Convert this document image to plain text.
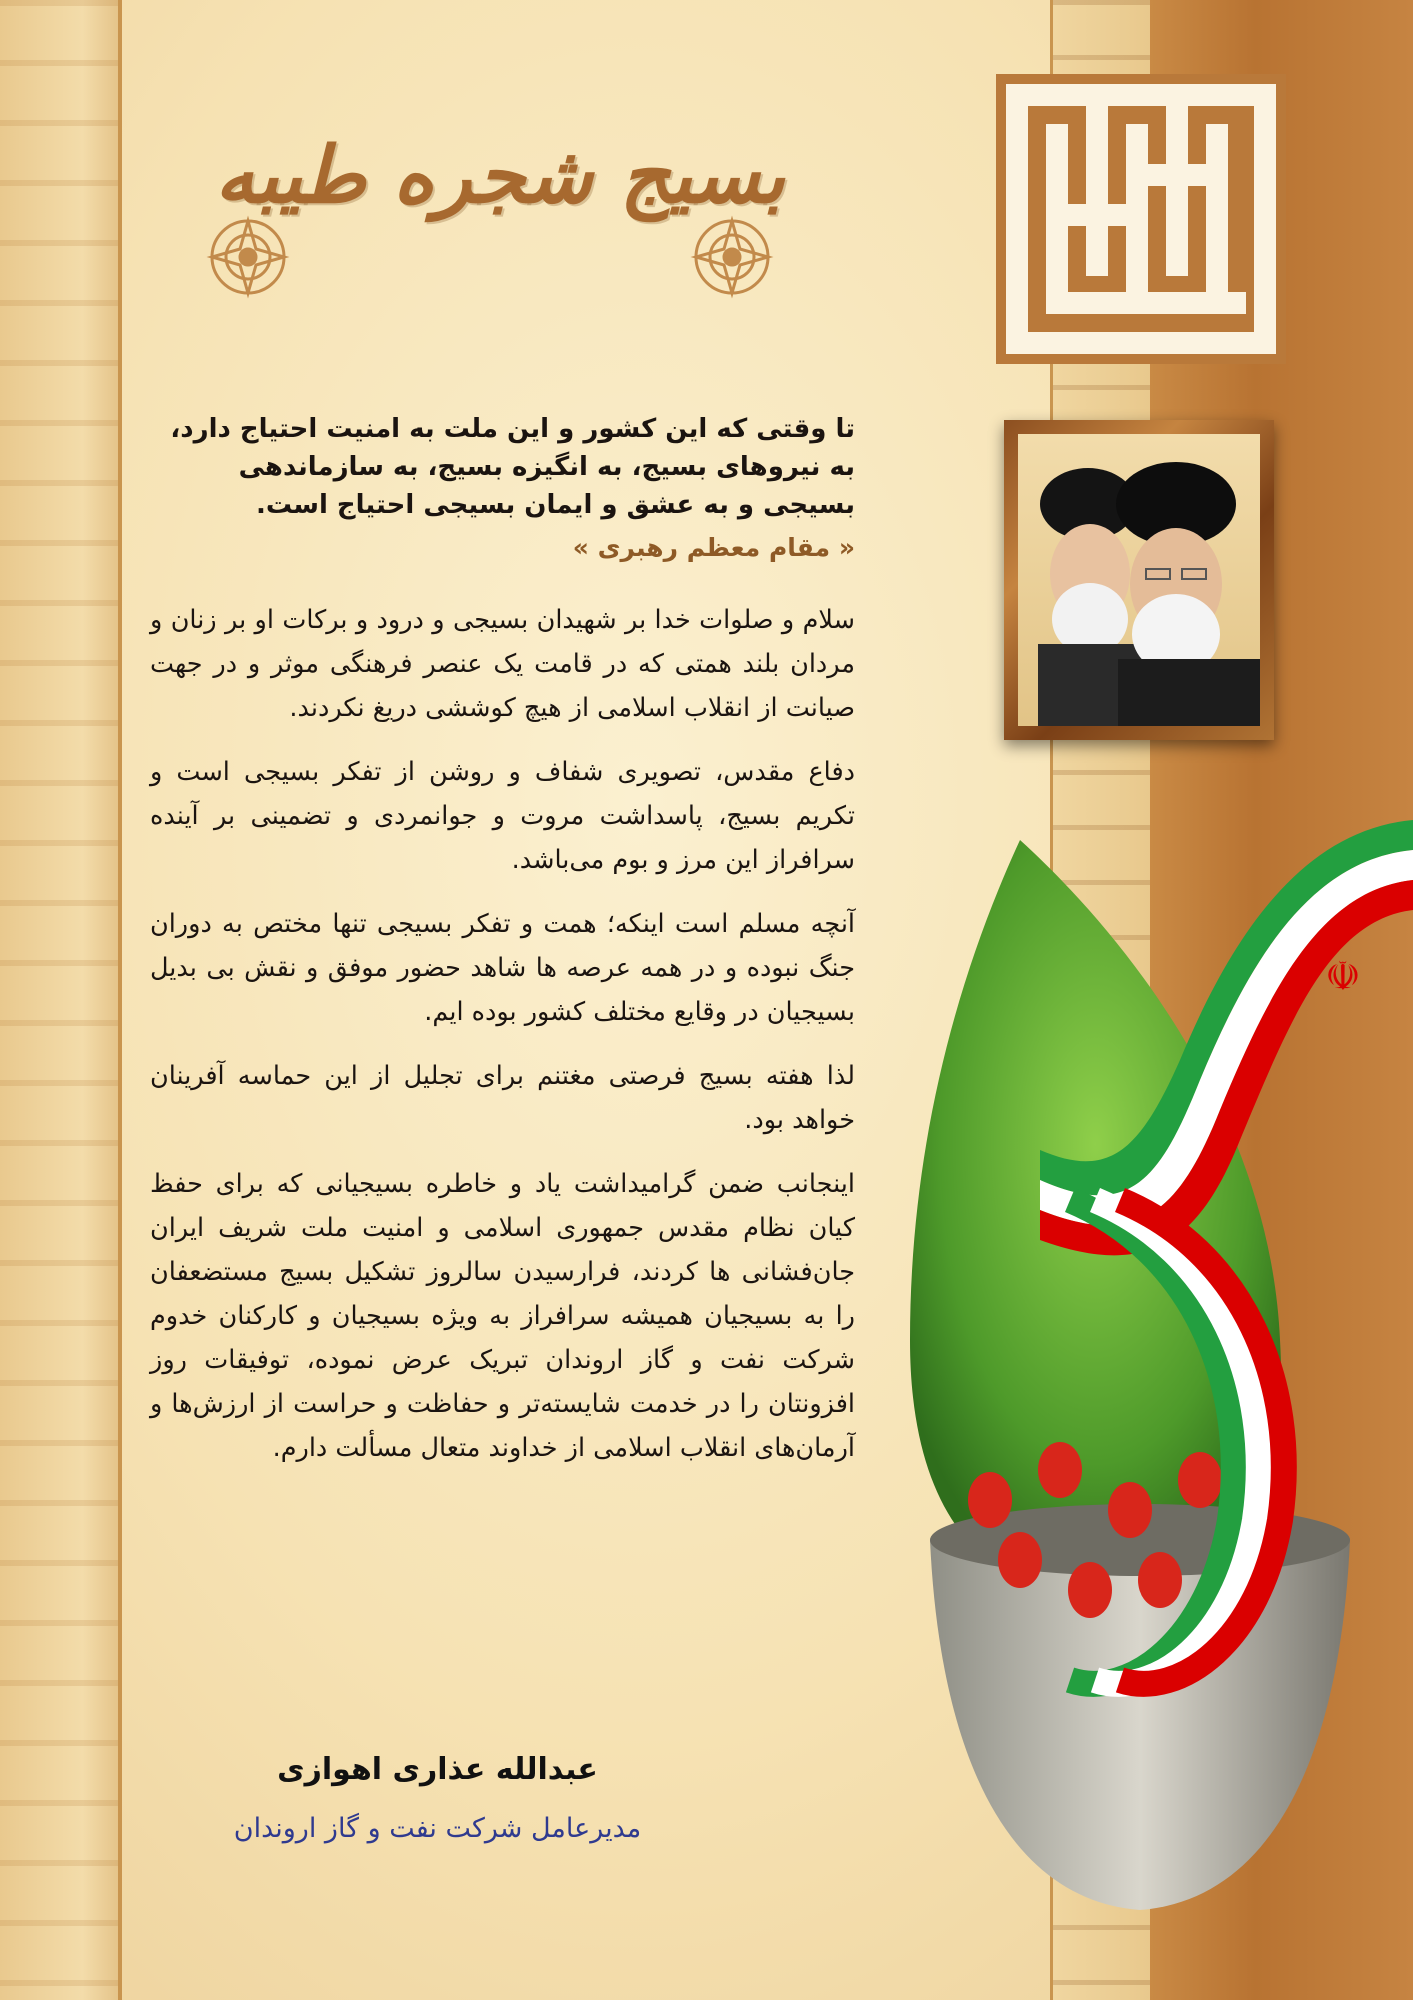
بسیج شجره طیبه
☫

تا وقتی که این کشور و این ملت به امنیت احتیاج دارد، به نیروهای بسیج، به انگیزه بسیج، به سازماندهی بسیجی و به عشق و ایمان بسیجی احتیاج است.

« مقام معظم رهبری »

سلام و صلوات خدا بر شهیدان بسیجی و درود و برکات او بر زنان و مردان بلند همتی که در قامت یک عنصر فرهنگی موثر و در جهت صیانت از انقلاب اسلامی از هیچ کوششی دریغ نکردند.

دفاع مقدس، تصویری شفاف و روشن از تفکر بسیجی است و تکریم بسیج، پاسداشت مروت و جوانمردی و تضمینی بر آینده سرافراز این مرز و بوم می‌باشد.

آنچه مسلم است اینکه؛ همت و تفکر بسیجی تنها مختص به دوران جنگ نبوده و در همه عرصه ها شاهد حضور موفق و نقش بی بدیل بسیجیان در وقایع مختلف کشور بوده ایم.

لذا هفته بسیج فرصتی مغتنم برای تجلیل از این حماسه آفرینان خواهد بود.

اینجانب ضمن گرامیداشت یاد و خاطره بسیجیانی که برای حفظ کیان نظام مقدس جمهوری اسلامی و امنیت ملت شریف ایران جان‌فشانی ها کردند، فرارسیدن سالروز تشکیل بسیج مستضعفان را به بسیجیان همیشه سرافراز به ویژه بسیجیان و کارکنان خدوم شرکت نفت و گاز اروندان تبریک عرض نموده، توفیقات روز افزونتان را در خدمت شایسته‌تر و حفاظت و حراست از ارزش‌ها و آرمان‌های انقلاب اسلامی از خداوند متعال مسألت دارم.

عبدالله عذاری اهوازی
مدیرعامل شرکت نفت و گاز اروندان
